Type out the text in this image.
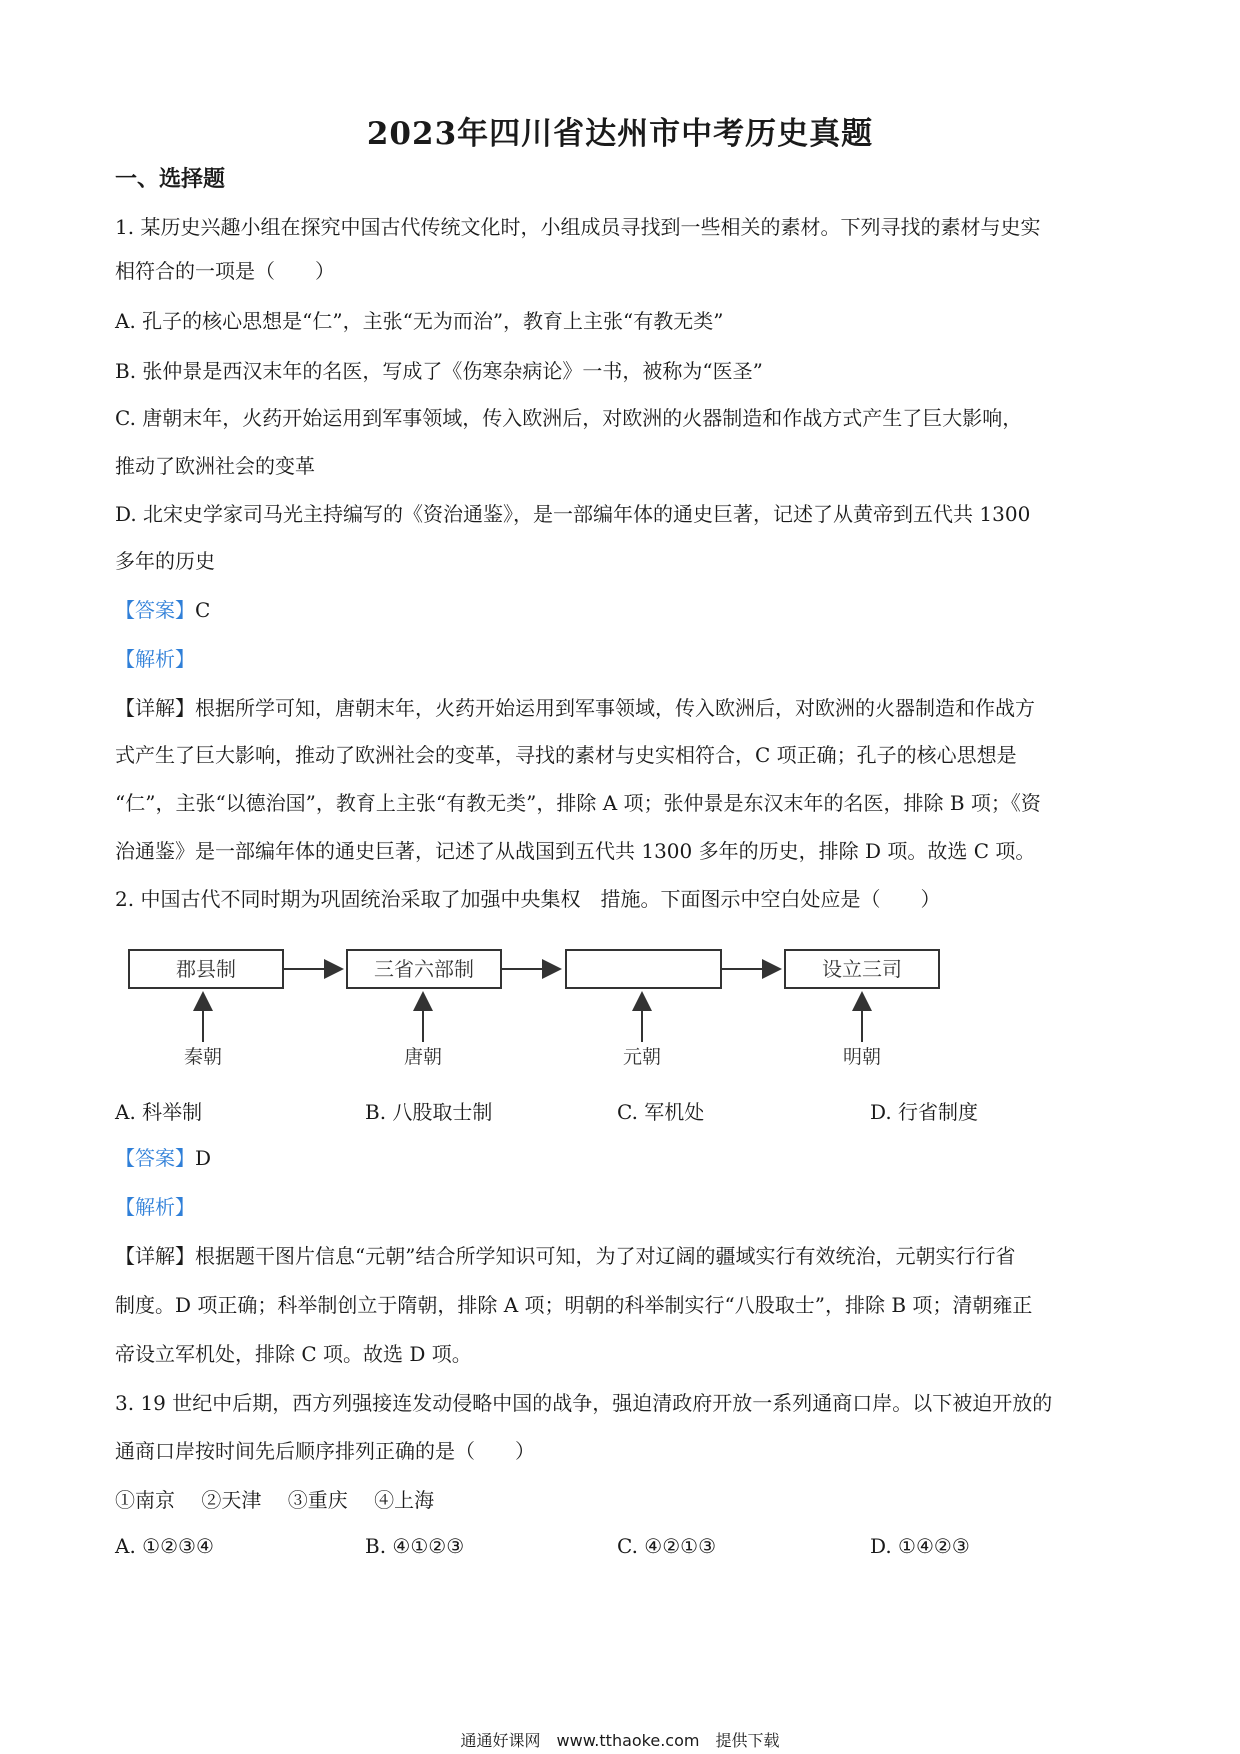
2023年四川省达州市中考历史真题
一、选择题
1. 某历史兴趣小组在探究中国古代传统文化时，小组成员寻找到一些相关的素材。下列寻找的素材与史实
相符合的一项是（　　）
A. 孔子的核心思想是“仁”，主张“无为而治”，教育上主张“有教无类”
B. 张仲景是西汉末年的名医，写成了《伤寒杂病论》一书，被称为“医圣”
C. 唐朝末年，火药开始运用到军事领域，传入欧洲后，对欧洲的火器制造和作战方式产生了巨大影响，
推动了欧洲社会的变革
D. 北宋史学家司马光主持编写的《资治通鉴》，是一部编年体的通史巨著，记述了从黄帝到五代共 1300
多年的历史
【答案】C
【解析】
【详解】根据所学可知，唐朝末年，火药开始运用到军事领域，传入欧洲后，对欧洲的火器制造和作战方
式产生了巨大影响，推动了欧洲社会的变革，寻找的素材与史实相符合，C 项正确；孔子的核心思想是
“仁”，主张“以德治国”，教育上主张“有教无类”，排除 A 项；张仲景是东汉末年的名医，排除 B 项；《资
治通鉴》是一部编年体的通史巨著，记述了从战国到五代共 1300 多年的历史，排除 D 项。故选 C 项。
2. 中国古代不同时期为巩固统治采取了加强中央集权　措施。下面图示中空白处应是（　　）
郡县制	三省六部制	设立三司
秦朝	唐朝	元朝	明朝
A. 科举制	B. 八股取士制	C. 军机处	D. 行省制度
【答案】D
【解析】
【详解】根据题干图片信息“元朝”结合所学知识可知，为了对辽阔的疆域实行有效统治，元朝实行行省
制度。D 项正确；科举制创立于隋朝，排除 A 项；明朝的科举制实行“八股取士”，排除 B 项；清朝雍正
帝设立军机处，排除 C 项。故选 D 项。
3. 19 世纪中后期，西方列强接连发动侵略中国的战争，强迫清政府开放一系列通商口岸。以下被迫开放的
通商口岸按时间先后顺序排列正确的是（　　）
①南京　 ②天津　 ③重庆　 ④上海
A. ①②③④	B. ④①②③	C. ④②①③	D. ①④②③
通通好课网　www.tthaoke.com　提供下载
